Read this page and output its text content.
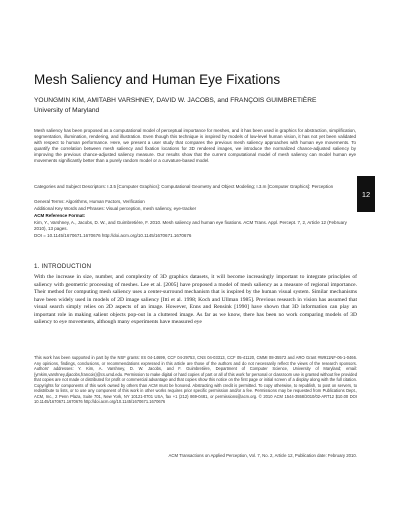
Mesh Saliency and Human Eye Fixations
YOUNGMIN KIM, AMITABH VARSHNEY, DAVID W. JACOBS, and FRANÇOIS GUIMBRETIÈRE
University of Maryland

Mesh saliency has been proposed as a computational model of perceptual importance for meshes, and it has been used in graphics for abstraction, simplification, segmentation, illumination, rendering, and illustration. Even though this technique is inspired by models of low-level human vision, it has not yet been validated with respect to human performance. Here, we present a user study that compares the previous mesh saliency approaches with human eye movements. To quantify the correlation between mesh saliency and fixation locations for 3D rendered images, we introduce the normalized chance-adjusted saliency by improving the previous chance-adjusted saliency measure. Our results show that the current computational model of mesh saliency can model human eye movements significantly better than a purely random model or a curvature-based model.

Categories and Subject Descriptors: I.3.5 [Computer Graphics]: Computational Geometry and Object Modeling; I.3.m [Computer Graphics]: Perception

General Terms: Algorithms, Human Factors, Verification

Additional Key Words and Phrases: Visual perception, mesh saliency, eye-tracker

ACM Reference Format:

Kim, Y., Varshney, A., Jacobs, D. W., and Guimbretière, F. 2010. Mesh saliency and human eye fixations. ACM Trans. Appl. Percept. 7, 2, Article 12 (February 2010), 13 pages.

DOI = 10.1145/1670671.1670676 http://doi.acm.org/10.1145/1670671.1670676

12
1. INTRODUCTION

With the increase in size, number, and complexity of 3D graphics datasets, it will become increasingly important to integrate principles of saliency with geometric processing of meshes. Lee et al. [2005] have proposed a model of mesh saliency as a measure of regional importance. Their method for computing mesh saliency uses a center-surround mechanism that is inspired by the human visual system. Similar mechanisms have been widely used in models of 2D image saliency [Itti et al. 1998; Koch and Ullman 1985]. Previous research in vision has assumed that visual search simply relies on 2D aspects of an image. However, Enns and Rensink [1990] have shown that 3D information can play an important role in making salient objects pop-out in a cluttered image. As far as we know, there has been no work comparing models of 3D saliency to eye movements, although many experiments have measured eye

This work has been supported in part by the NSF grants: IIS 04-14699, CCF 04-29753, CNS 04-03313, CCF 05-41120, CMMI 08-35572 and ARO Grant #W911NF-06-1-0466. Any opinions, findings, conclusions, or recommendations expressed in this article are those of the authors and do not necessarily reflect the views of the research sponsors. Authors' addresses: Y. Kim, A. Varshney, D. W. Jacobs, and F. Guimbretière, Department of Computer Science, University of Maryland; email: {ymkim,varshney,djacobs,francois}@cs.umd.edu. Permission to make digital or hard copies of part or all of this work for personal or classroom use is granted without fee provided that copies are not made or distributed for profit or commercial advantage and that copies show this notice on the first page or initial screen of a display along with the full citation. Copyrights for components of this work owned by others than ACM must be honored. Abstracting with credit is permitted. To copy otherwise, to republish, to post on servers, to redistribute to lists, or to use any component of this work in other works requires prior specific permission and/or a fee. Permissions may be requested from Publications Dept., ACM, Inc., 2 Penn Plaza, Suite 701, New York, NY 10121-0701 USA, fax +1 (212) 869-0481, or permissions@acm.org. © 2010 ACM 1544-3558/2010/02-ART12 $10.00 DOI 10.1145/1670671.1670676 http://doi.acm.org/10.1145/1670671.1670676

ACM Transactions on Applied Perception, Vol. 7, No. 2, Article 12, Publication date: February 2010.
